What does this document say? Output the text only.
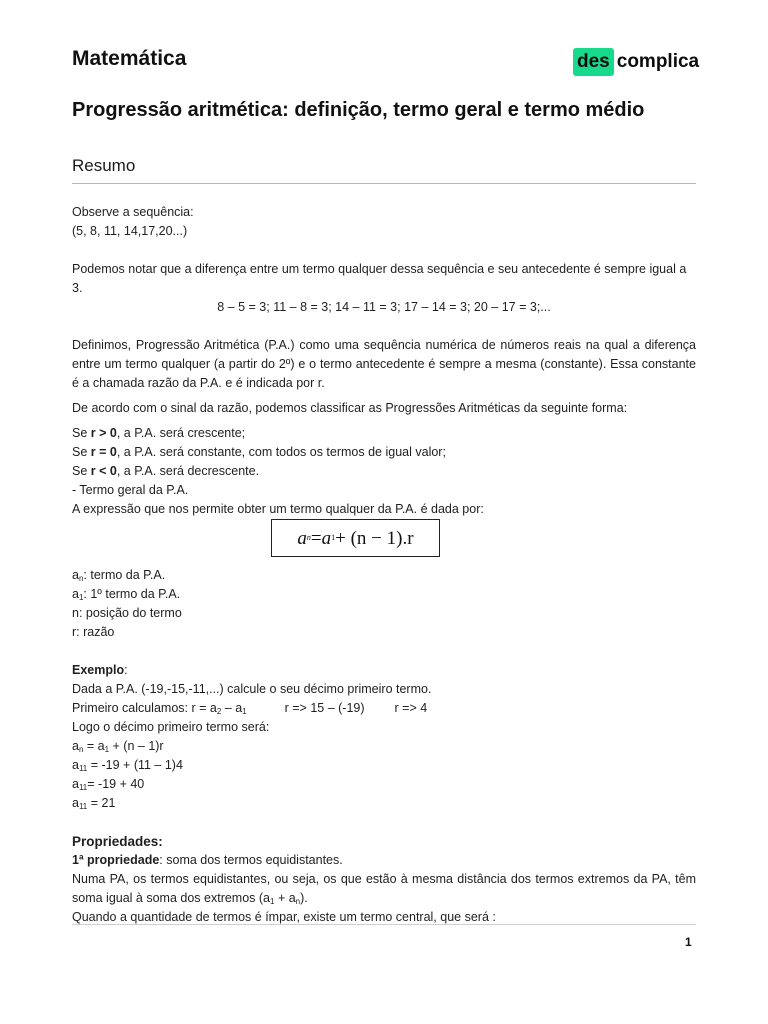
Matemática	des complica
Progressão aritmética: definição, termo geral e termo médio
Resumo

Observe a sequência:

(5, 8, 11, 14,17,20...)

Podemos notar que a diferença entre um termo qualquer dessa sequência e seu antecedente é sempre igual a 3.

8 – 5 = 3; 11 – 8 = 3; 14 – 11 = 3; 17 – 14 = 3; 20 – 17 = 3;...

Definimos, Progressão Aritmética (P.A.) como uma sequência numérica de números reais na qual a diferença entre um termo qualquer (a partir do 2º) e o termo antecedente é sempre a mesma (constante). Essa constante é a chamada razão da P.A. e é indicada por r.

De acordo com o sinal da razão, podemos classificar as Progressões Aritméticas da seguinte forma:

Se r > 0, a P.A. será crescente;

Se r = 0, a P.A. será constante, com todos os termos de igual valor;

Se r < 0, a P.A. será decrescente.

- Termo geral da P.A.

A expressão que nos permite obter um termo qualquer da P.A. é dada por:

a n = a 1 + (n − 1).r

$a_n$: termo da P.A.

$a_1$: 1º termo da P.A.

n: posição do termo

r: razão

Exemplo:

Dada a P.A. (-19,-15,-11,...) calcule o seu décimo primeiro termo.

Primeiro calculamos: $r = a_2 - a_1$	r => 15 – (-19) r => 4

Logo o décimo primeiro termo será:

$a_n = a_1 + (n - 1)r$

$a_{11} = -19 + (11 - 1)4$

$a_{11}= -19 + 40$

$a_{11} = 21$

Propriedades:

1ª propriedade: soma dos termos equidistantes.

Numa PA, os termos equidistantes, ou seja, os que estão à mesma distância dos termos extremos da PA, têm soma igual à soma dos extremos $(a_1 + a_n)$.

Quando a quantidade de termos é ímpar, existe um termo central, que será :

1
